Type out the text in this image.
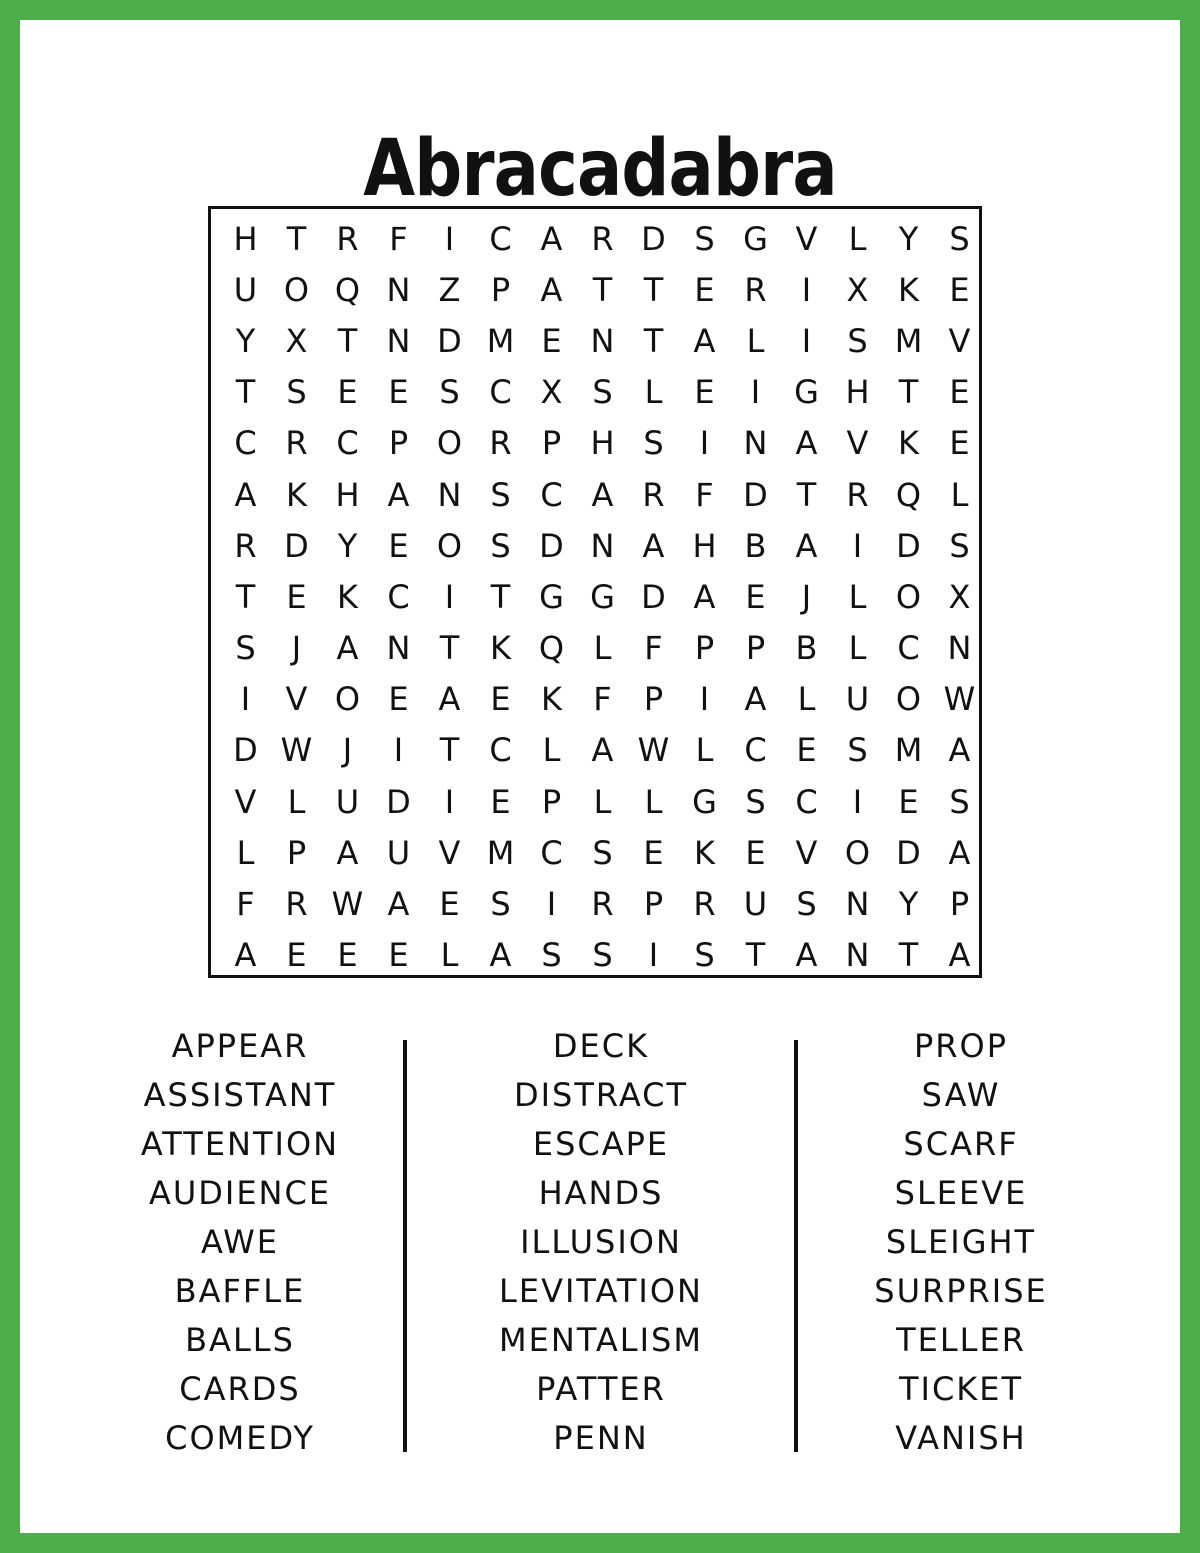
Abracadabra
H T R F	I	C A R D S G V L	Y S
U O Q N Z P A T T E R	I	X K E
Y X T N D M E N T A L	I	S M V
T S E E S C X S L E	I	G H T E
C R C P O R P H S	I	N A V K E
A K H A N S C A R F D T R Q L
R D Y E O S D N A H B A	I	D S
T E K C	I	T G G D A E	J	L O X
S	J	A N T K Q L	F	P P B L C N
I	V O E A E K F	P	I	A L U O W
D W J	I	T C L A W L C E S M A
V L U D	I	E P	L	L G S C	I	E S
L	P A U V M C S E K E V O D A
F R W A E S	I	R P R U S N Y P
A E E E L A S S	I	S T A N T A
APPEAR
ASSISTANT
ATTENTION
AUDIENCE
AWE
BAFFLE
BALLS
CARDS
COMEDY
DECK
DISTRACT
ESCAPE
HANDS
ILLUSION
LEVITATION
MENTALISM
PATTER
PENN
PROP
SAW
SCARF
SLEEVE
SLEIGHT
SURPRISE
TELLER
TICKET
VANISH
